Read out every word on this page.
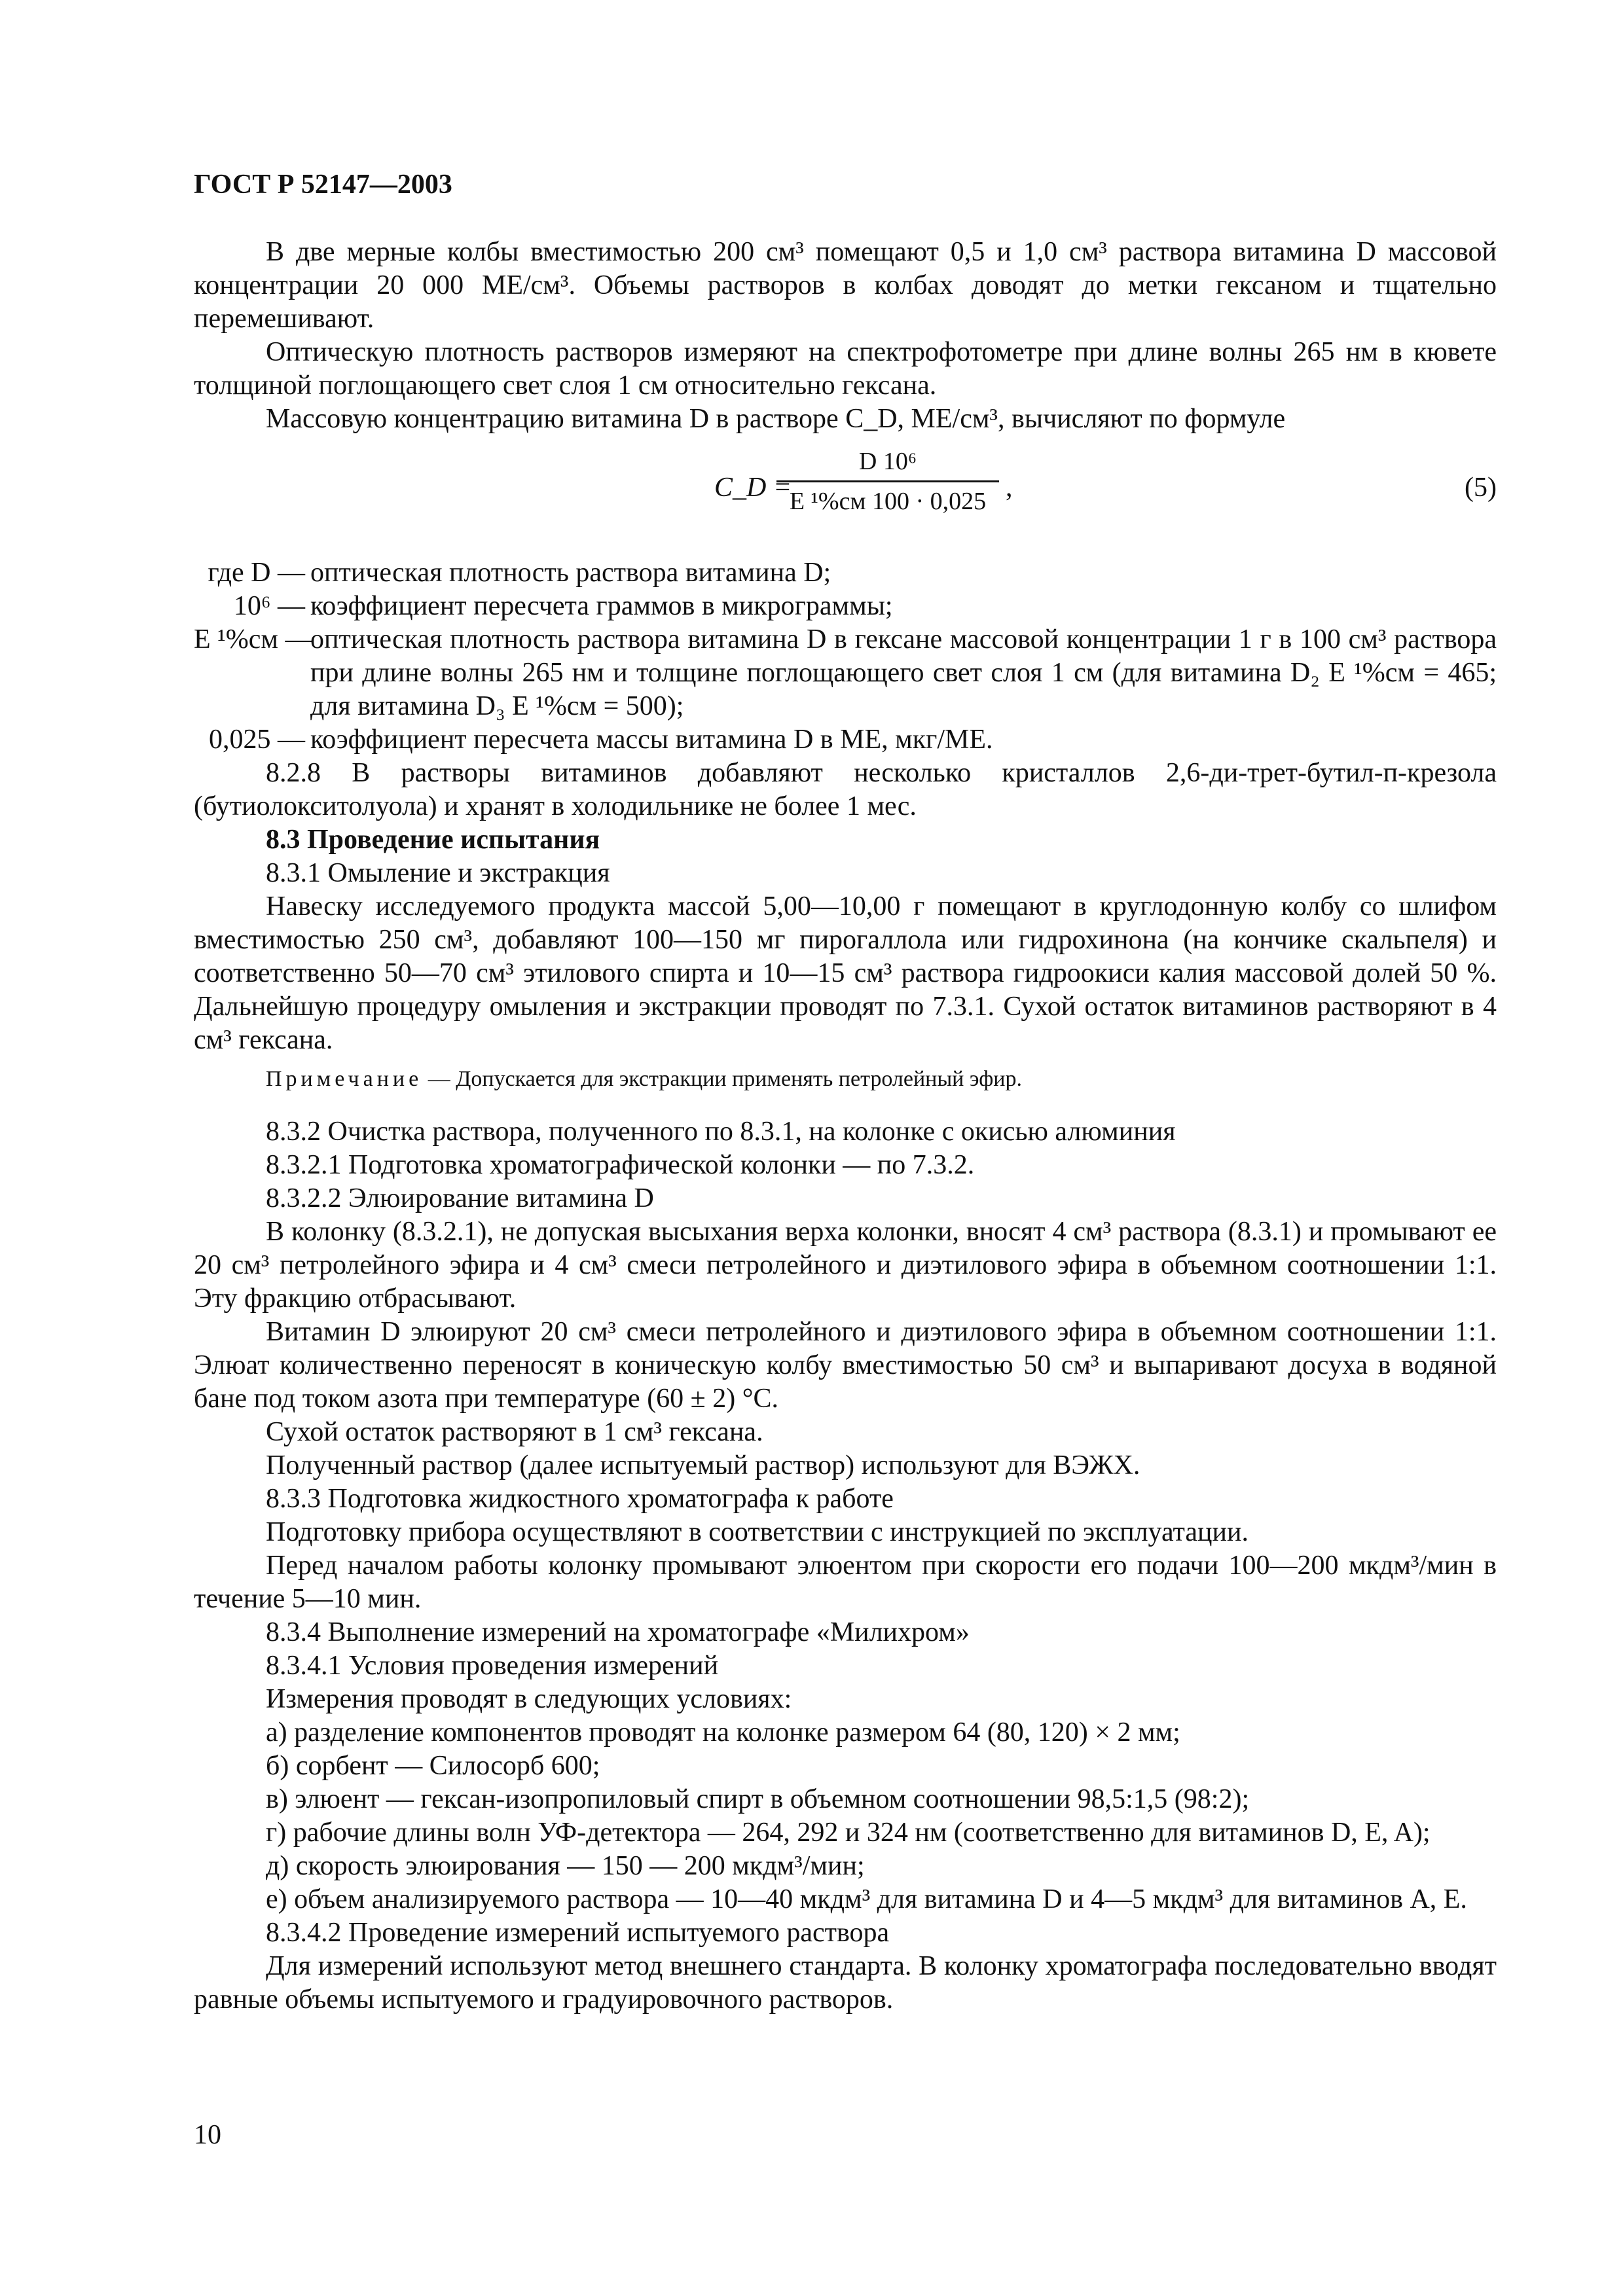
ГОСТ Р 52147—2003

В две мерные колбы вместимостью 200 см³ помещают 0,5 и 1,0 см³ раствора витамина D массовой концентрации 20 000 МЕ/см³. Объемы растворов в колбах доводят до метки гексаном и тщательно перемешивают.

Оптическую плотность растворов измеряют на спектрофотометре при длине волны 265 нм в кювете толщиной поглощающего свет слоя 1 см относительно гексана.

Массовую концентрацию витамина D в растворе C_D, МЕ/см³, вычисляют по формуле

C_D =
D 10⁶
E ¹%см 100 · 0,025 ,	(5)
где D — оптическая плотность раствора витамина D;
10⁶ — коэффициент пересчета граммов в микрограммы;
E ¹%см —
оптическая плотность раствора витамина D в гексане массовой концентрации 1 г в 100 см³ раствора при длине волны 265 нм и толщине поглощающего свет слоя 1 см (для витамина D₂ E ¹%см = 465; для витамина D₃ E ¹%см = 500);
0,025 — коэффициент пересчета массы витамина D в МЕ, мкг/МЕ.

8.2.8 В растворы витаминов добавляют несколько кристаллов 2,6-ди-трет-бутил-п-крезола (бутиолокситолуола) и хранят в холодильнике не более 1 мес.

8.3 Проведение испытания

8.3.1 Омыление и экстракция

Навеску исследуемого продукта массой 5,00—10,00 г помещают в круглодонную колбу со шлифом вместимостью 250 см³, добавляют 100—150 мг пирогаллола или гидрохинона (на кончике скальпеля) и соответственно 50—70 см³ этилового спирта и 10—15 см³ раствора гидроокиси калия массовой долей 50 %. Дальнейшую процедуру омыления и экстракции проводят по 7.3.1. Сухой остаток витаминов растворяют в 4 см³ гексана.

Примечание — Допускается для экстракции применять петролейный эфир.

8.3.2 Очистка раствора, полученного по 8.3.1, на колонке с окисью алюминия

8.3.2.1 Подготовка хроматографической колонки — по 7.3.2.

8.3.2.2 Элюирование витамина D

В колонку (8.3.2.1), не допуская высыхания верха колонки, вносят 4 см³ раствора (8.3.1) и промывают ее 20 см³ петролейного эфира и 4 см³ смеси петролейного и диэтилового эфира в объемном соотношении 1:1. Эту фракцию отбрасывают.

Витамин D элюируют 20 см³ смеси петролейного и диэтилового эфира в объемном соотношении 1:1. Элюат количественно переносят в коническую колбу вместимостью 50 см³ и выпаривают досуха в водяной бане под током азота при температуре (60 ± 2) °С.

Сухой остаток растворяют в 1 см³ гексана.

Полученный раствор (далее испытуемый раствор) используют для ВЭЖХ.

8.3.3 Подготовка жидкостного хроматографа к работе

Подготовку прибора осуществляют в соответствии с инструкцией по эксплуатации.

Перед началом работы колонку промывают элюентом при скорости его подачи 100—200 мкдм³/мин в течение 5—10 мин.

8.3.4 Выполнение измерений на хроматографе «Милихром»

8.3.4.1 Условия проведения измерений

Измерения проводят в следующих условиях:

а) разделение компонентов проводят на колонке размером 64 (80, 120) × 2 мм;

б) сорбент — Силосорб 600;

в) элюент — гексан-изопропиловый спирт в объемном соотношении 98,5:1,5 (98:2);

г) рабочие длины волн УФ-детектора — 264, 292 и 324 нм (соответственно для витаминов D, E, A);

д) скорость элюирования — 150 — 200 мкдм³/мин;

е) объем анализируемого раствора — 10—40 мкдм³ для витамина D и 4—5 мкдм³ для витаминов А, Е.

8.3.4.2 Проведение измерений испытуемого раствора

Для измерений используют метод внешнего стандарта. В колонку хроматографа последовательно вводят равные объемы испытуемого и градуировочного растворов.

10
